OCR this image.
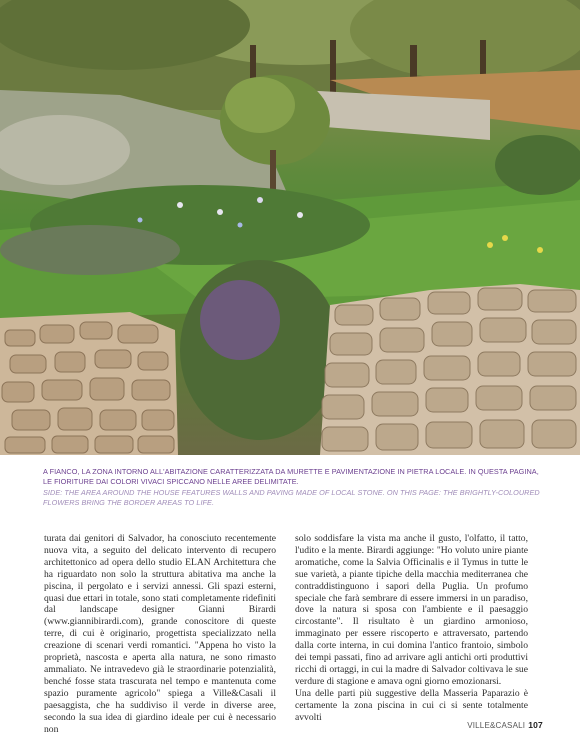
A FIANCO, LA ZONA INTORNO ALL'ABITAZIONE CARATTERIZZATA DA MURETTE E PAVIMENTAZIONE IN PIETRA LOCALE. IN QUESTA PAGINA, LE FIORITURE DAI COLORI VIVACI SPICCANO NELLE AREE DELIMITATE.
SIDE: THE AREA AROUND THE HOUSE FEATURES WALLS AND PAVING MADE OF LOCAL STONE. ON THIS PAGE: THE BRIGHTLY-COLOURED FLOWERS BRING THE BORDER AREAS TO LIFE.

turata dai genitori di Salvador, ha conosciuto recentemente nuova vita, a seguito del delicato intervento di recupero architettonico ad opera dello studio ELAN Architettura che ha riguardato non solo la struttura abitativa ma anche la piscina, il pergolato e i servizi annessi. Gli spazi esterni, quasi due ettari in totale, sono stati completamente ridefiniti dal landscape designer Gianni Birardi (www.giannibirardi.com), grande conoscitore di queste terre, di cui è originario, progettista specializzato nella creazione di scenari verdi romantici. "Appena ho visto la proprietà, nascosta e aperta alla natura, ne sono rimasto ammaliato. Ne intravedevo già le straordinarie potenzialità, benché fosse stata trascurata nel tempo e mantenuta come spazio puramente agricolo" spiega a Ville&Casali il paesaggista, che ha suddiviso il verde in diverse aree, secondo la sua idea di giardino ideale per cui è necessario non

solo soddisfare la vista ma anche il gusto, l'olfatto, il tatto, l'udito e la mente. Birardi aggiunge: "Ho voluto unire piante aromatiche, come la Salvia Officinalis e il Tymus in tutte le sue varietà, a piante tipiche della macchia mediterranea che contraddistinguono i sapori della Puglia. Un profumo speciale che farà sembrare di essere immersi in un paradiso, dove la natura si sposa con l'ambiente e il paesaggio circostante". Il risultato è un giardino armonioso, immaginato per essere riscoperto e attraversato, partendo dalla corte interna, in cui domina l'antico frantoio, simbolo dei tempi passati, fino ad arrivare agli antichi orti produttivi ricchi di ortaggi, in cui la madre di Salvador coltivava le sue verdure di stagione e amava ogni giorno emozionarsi.

Una delle parti più suggestive della Masseria Paparazio è certamente la zona piscina in cui ci si sente totalmente avvolti

VILLE&CASALI 107
